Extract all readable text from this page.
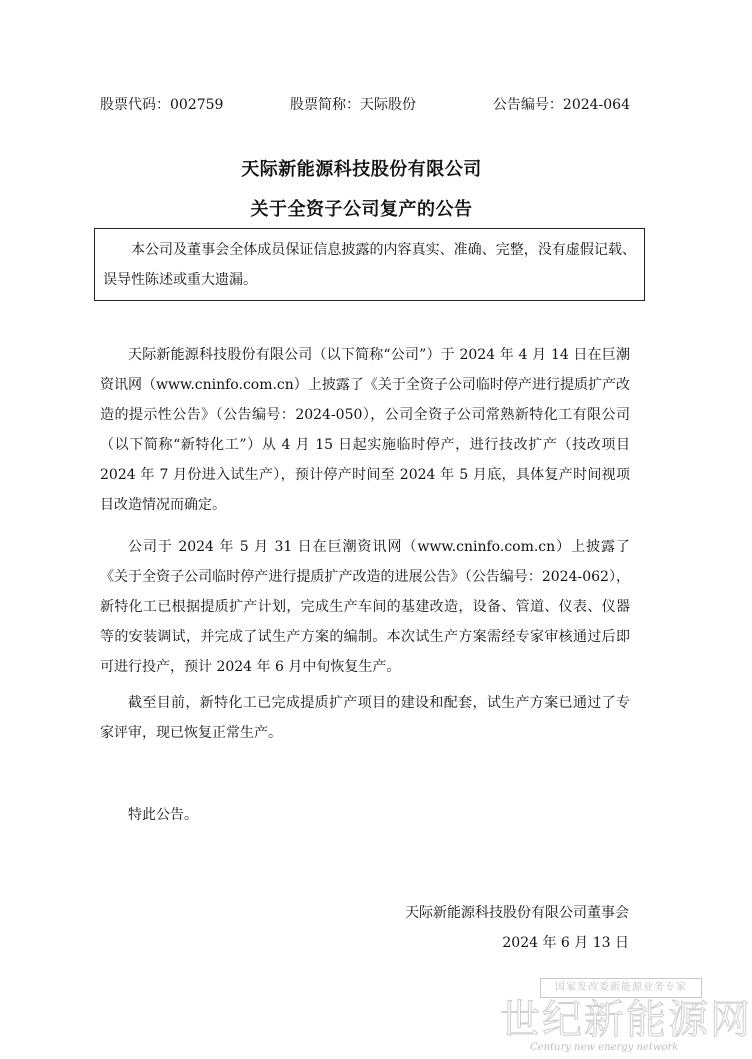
股票代码：002759	股票简称：天际股份	公告编号：2024-064
天际新能源科技股份有限公司
关于全资子公司复产的公告

本公司及董事会全体成员保证信息披露的内容真实、准确、完整，没有虚假记载、误导性陈述或重大遗漏。

天际新能源科技股份有限公司（以下简称“公司”）于 2024 年 4 月 14 日在巨潮资讯网（www.cninfo.com.cn）上披露了《关于全资子公司临时停产进行提质扩产改造的提示性公告》（公告编号：2024-050），公司全资子公司常熟新特化工有限公司（以下简称“新特化工”）从 4 月 15 日起实施临时停产，进行技改扩产（技改项目 2024 年 7 月份进入试生产），预计停产时间至 2024 年 5 月底，具体复产时间视项目改造情况而确定。

公司于 2024 年 5 月 31 日在巨潮资讯网（www.cninfo.com.cn）上披露了《关于全资子公司临时停产进行提质扩产改造的进展公告》（公告编号：2024-062），新特化工已根据提质扩产计划，完成生产车间的基建改造，设备、管道、仪表、仪器等的安装调试，并完成了试生产方案的编制。本次试生产方案需经专家审核通过后即可进行投产，预计 2024 年 6 月中旬恢复生产。

截至目前，新特化工已完成提质扩产项目的建设和配套，试生产方案已通过了专家评审，现已恢复正常生产。

特此公告。

天际新能源科技股份有限公司董事会
2024 年 6 月 13 日
国家发改委新能源业务专家
世纪新能源网
Century new energy network
